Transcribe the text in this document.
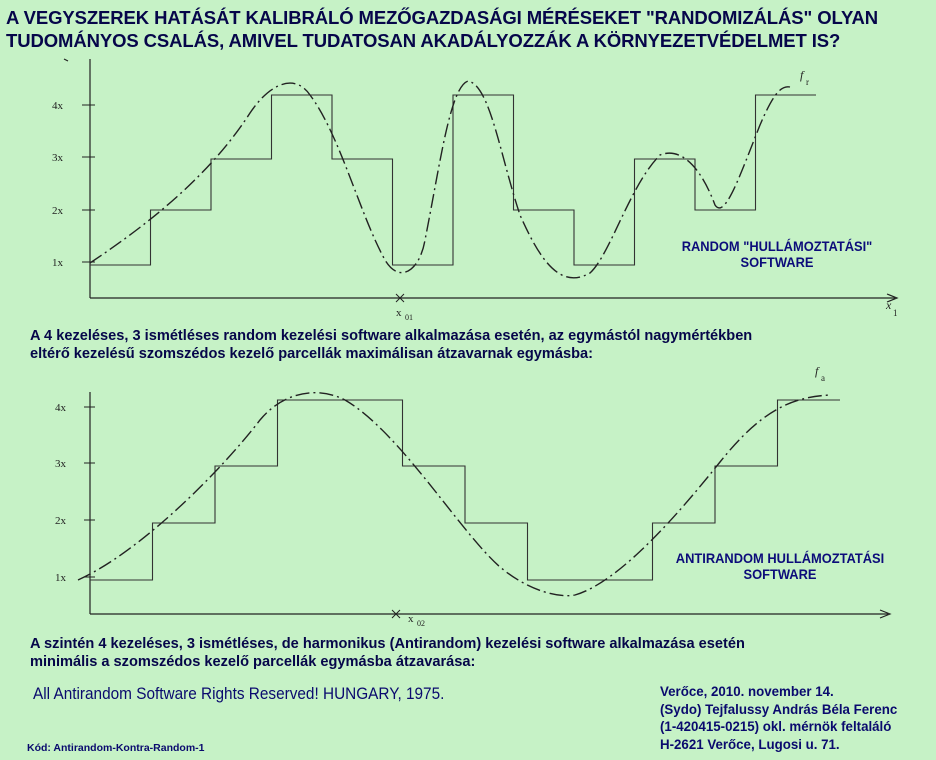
A VEGYSZEREK HATÁSÁT KALIBRÁLÓ MEZŐGAZDASÁGI MÉRÉSEKET "RANDOMIZÁLÁS" OLYAN
TUDOMÁNYOS CSALÁS, AMIVEL TUDATOSAN AKADÁLYOZZÁK A KÖRNYEZETVÉDELMET IS?
1x
2x
3x
4x
x 01
x
1
f r
RANDOM "HULLÁMOZTATÁSI"
SOFTWARE
A 4 kezeléses, 3 ismétléses random kezelési software alkalmazása esetén, az egymástól nagymértékben
eltérő kezelésű szomszédos kezelő parcellák maximálisan átzavarnak egymásba:
1x
2x
3x
4x
x 02
f a
ANTIRANDOM HULLÁMOZTATÁSI
SOFTWARE
A szintén 4 kezeléses, 3 ismétléses, de harmonikus (Antirandom) kezelési software alkalmazása esetén
minimális a szomszédos kezelő parcellák egymásba átzavarása:
All Antirandom Software Rights Reserved! HUNGARY, 1975.	Verőce, 2010. november 14.
(Sydo) Tejfalussy András Béla Ferenc
(1-420415-0215) okl. mérnök feltaláló
H-2621 Verőce, Lugosi u. 71.
Kód: Antirandom-Kontra-Random-1
